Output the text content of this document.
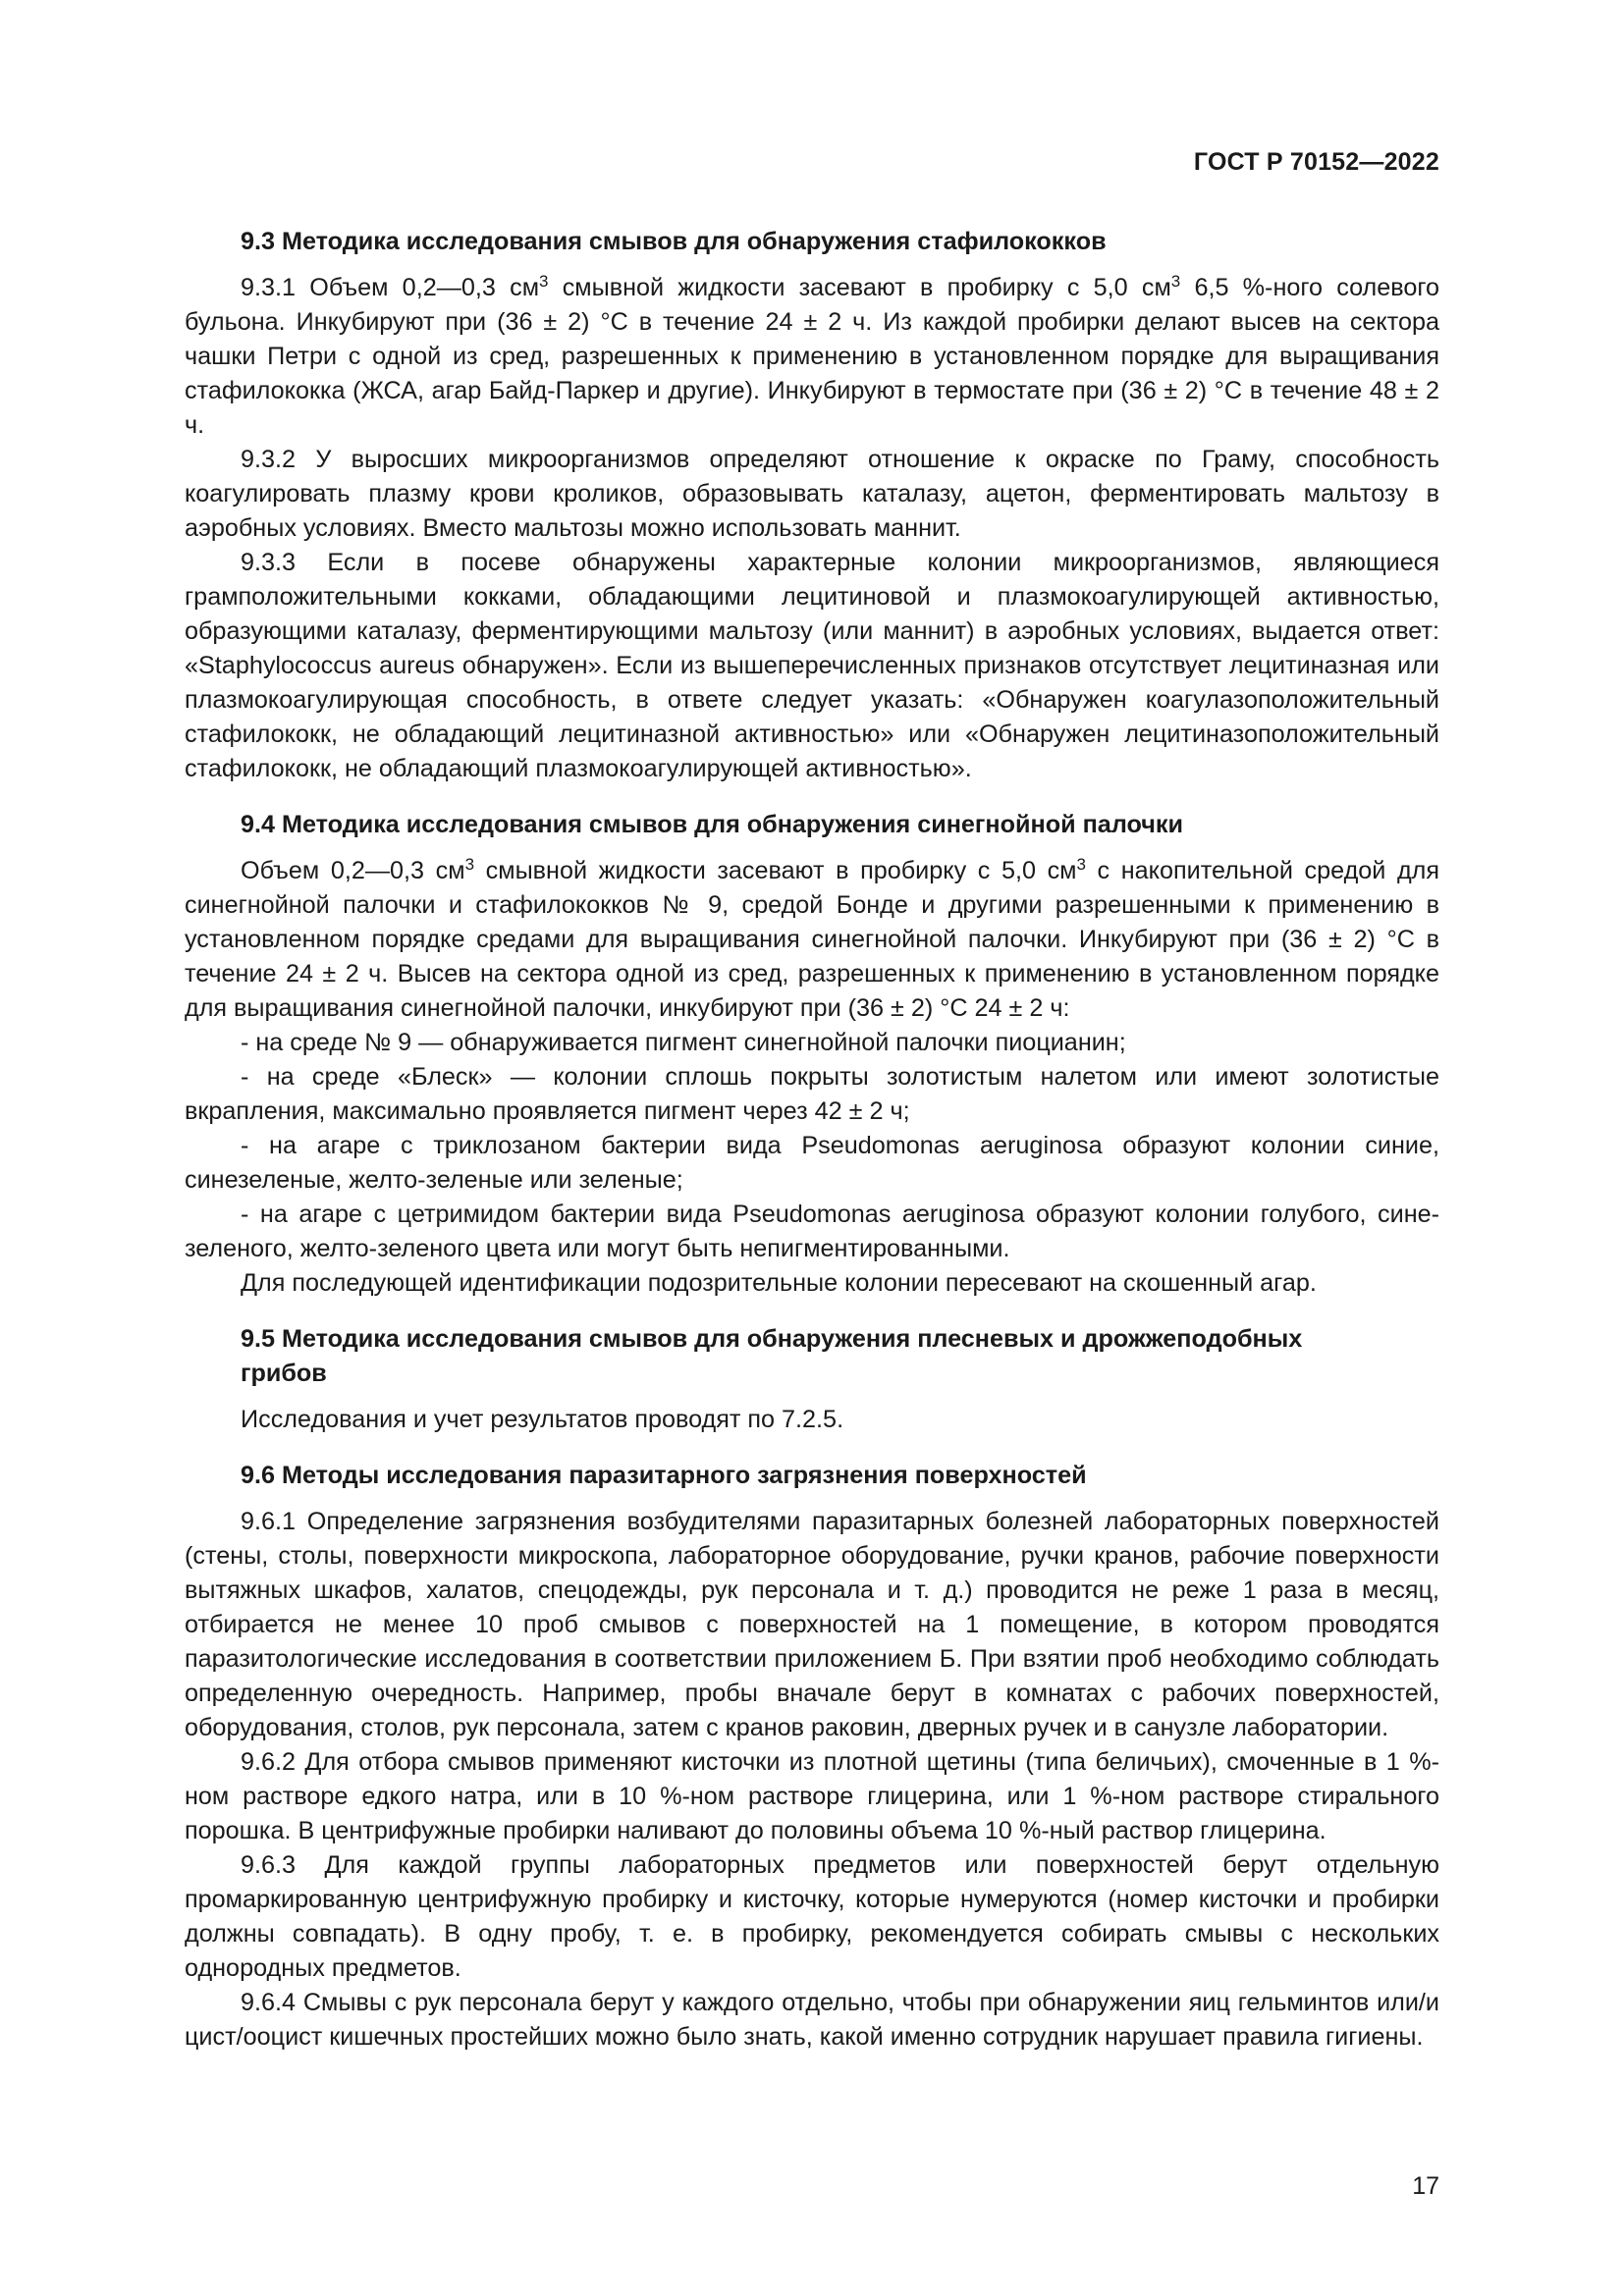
ГОСТ Р 70152—2022

9.3 Методика исследования смывов для обнаружения стафилококков

9.3.1 Объем 0,2—0,3 $см^3$ смывной жидкости засевают в пробирку с 5,0 $см^3$ 6,5 %-ного солевого бульона. Инкубируют при (36 ± 2) °С в течение 24 ± 2 ч. Из каждой пробирки делают высев на сектора чашки Петри с одной из сред, разрешенных к применению в установленном порядке для выращивания стафилококка (ЖСА, агар Байд-Паркер и другие). Инкубируют в термостате при (36 ± 2) °С в течение 48 ± 2 ч.

9.3.2 У выросших микроорганизмов определяют отношение к окраске по Граму, способность коагулировать плазму крови кроликов, образовывать каталазу, ацетон, ферментировать мальтозу в аэробных условиях. Вместо мальтозы можно использовать маннит.

9.3.3 Если в посеве обнаружены характерные колонии микроорганизмов, являющиеся грамположительными кокками, обладающими лецитиновой и плазмокоагулирующей активностью, образующими каталазу, ферментирующими мальтозу (или маннит) в аэробных условиях, выдается ответ: «Staphylococcus aureus обнаружен». Если из вышеперечисленных признаков отсутствует лецитиназная или плазмокоагулирующая способность, в ответе следует указать: «Обнаружен коагулазоположительный стафилококк, не обладающий лецитиназной активностью» или «Обнаружен лецитиназоположительный стафилококк, не обладающий плазмокоагулирующей активностью».

9.4 Методика исследования смывов для обнаружения синегнойной палочки

Объем 0,2—0,3 $см^3$ смывной жидкости засевают в пробирку с 5,0 $см^3$ с накопительной средой для синегнойной палочки и стафилококков № 9, средой Бонде и другими разрешенными к применению в установленном порядке средами для выращивания синегнойной палочки. Инкубируют при (36 ± 2) °С в течение 24 ± 2 ч. Высев на сектора одной из сред, разрешенных к применению в установленном порядке для выращивания синегнойной палочки, инкубируют при (36 ± 2) °С 24 ± 2 ч:

- на среде № 9 — обнаруживается пигмент синегнойной палочки пиоцианин;

- на среде «Блеск» — колонии сплошь покрыты золотистым налетом или имеют золотистые вкрапления, максимально проявляется пигмент через 42 ± 2 ч;

- на агаре с триклозаном бактерии вида Pseudomonas aeruginosa образуют колонии синие, синезеленые, желто-зеленые или зеленые;

- на агаре с цетримидом бактерии вида Pseudomonas aeruginosa образуют колонии голубого, сине-зеленого, желто-зеленого цвета или могут быть непигментированными.

Для последующей идентификации подозрительные колонии пересевают на скошенный агар.

9.5 Методика исследования смывов для обнаружения плесневых и дрожжеподобных грибов

Исследования и учет результатов проводят по 7.2.5.

9.6 Методы исследования паразитарного загрязнения поверхностей

9.6.1 Определение загрязнения возбудителями паразитарных болезней лабораторных поверхностей (стены, столы, поверхности микроскопа, лабораторное оборудование, ручки кранов, рабочие поверхности вытяжных шкафов, халатов, спецодежды, рук персонала и т. д.) проводится не реже 1 раза в месяц, отбирается не менее 10 проб смывов с поверхностей на 1 помещение, в котором проводятся паразитологические исследования в соответствии приложением Б. При взятии проб необходимо соблюдать определенную очередность. Например, пробы вначале берут в комнатах с рабочих поверхностей, оборудования, столов, рук персонала, затем с кранов раковин, дверных ручек и в санузле лаборатории.

9.6.2 Для отбора смывов применяют кисточки из плотной щетины (типа беличьих), смоченные в 1 %-ном растворе едкого натра, или в 10 %-ном растворе глицерина, или 1 %-ном растворе стирального порошка. В центрифужные пробирки наливают до половины объема 10 %-ный раствор глицерина.

9.6.3 Для каждой группы лабораторных предметов или поверхностей берут отдельную промаркированную центрифужную пробирку и кисточку, которые нумеруются (номер кисточки и пробирки должны совпадать). В одну пробу, т. е. в пробирку, рекомендуется собирать смывы с нескольких однородных предметов.

9.6.4 Смывы с рук персонала берут у каждого отдельно, чтобы при обнаружении яиц гельминтов или/и цист/ооцист кишечных простейших можно было знать, какой именно сотрудник нарушает правила гигиены.

17
